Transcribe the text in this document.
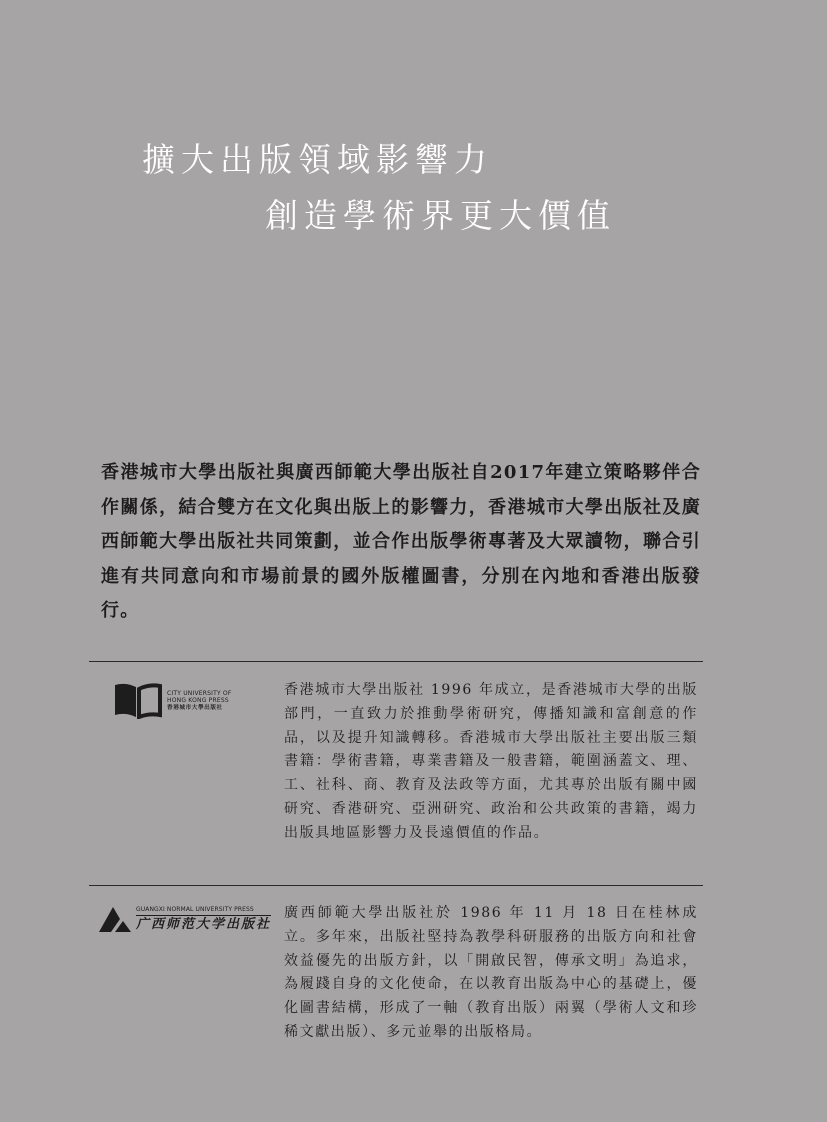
擴大出版領域影響力
創造學術界更大價值

香港城市大學出版社與廣西師範大學出版社自2017年建立策略夥伴合作關係，結合雙方在文化與出版上的影響力，香港城市大學出版社及廣西師範大學出版社共同策劃，並合作出版學術專著及大眾讀物，聯合引進有共同意向和市場前景的國外版權圖書，分別在內地和香港出版發行。

CITY UNIVERSITY OF
HONG KONG PRESS
香港城市大學出版社

香港城市大學出版社 1996 年成立，是香港城市大學的出版部門，一直致力於推動學術研究，傳播知識和富創意的作品，以及提升知識轉移。香港城市大學出版社主要出版三類書籍：學術書籍，專業書籍及一般書籍，範圍涵蓋文、理、工、社科、商、教育及法政等方面，尤其專於出版有關中國研究、香港研究、亞洲研究、政治和公共政策的書籍，竭力出版具地區影響力及長遠價值的作品。

GUANGXI NORMAL UNIVERSITY PRESS
广西师范大学出版社

廣西師範大學出版社於 1986 年 11 月 18 日在桂林成立。多年來，出版社堅持為教學科研服務的出版方向和社會效益優先的出版方針，以「開啟民智，傳承文明」為追求，為履踐自身的文化使命，在以教育出版為中心的基礎上，優化圖書結構，形成了一軸（教育出版）兩翼（學術人文和珍稀文獻出版）、多元並舉的出版格局。
